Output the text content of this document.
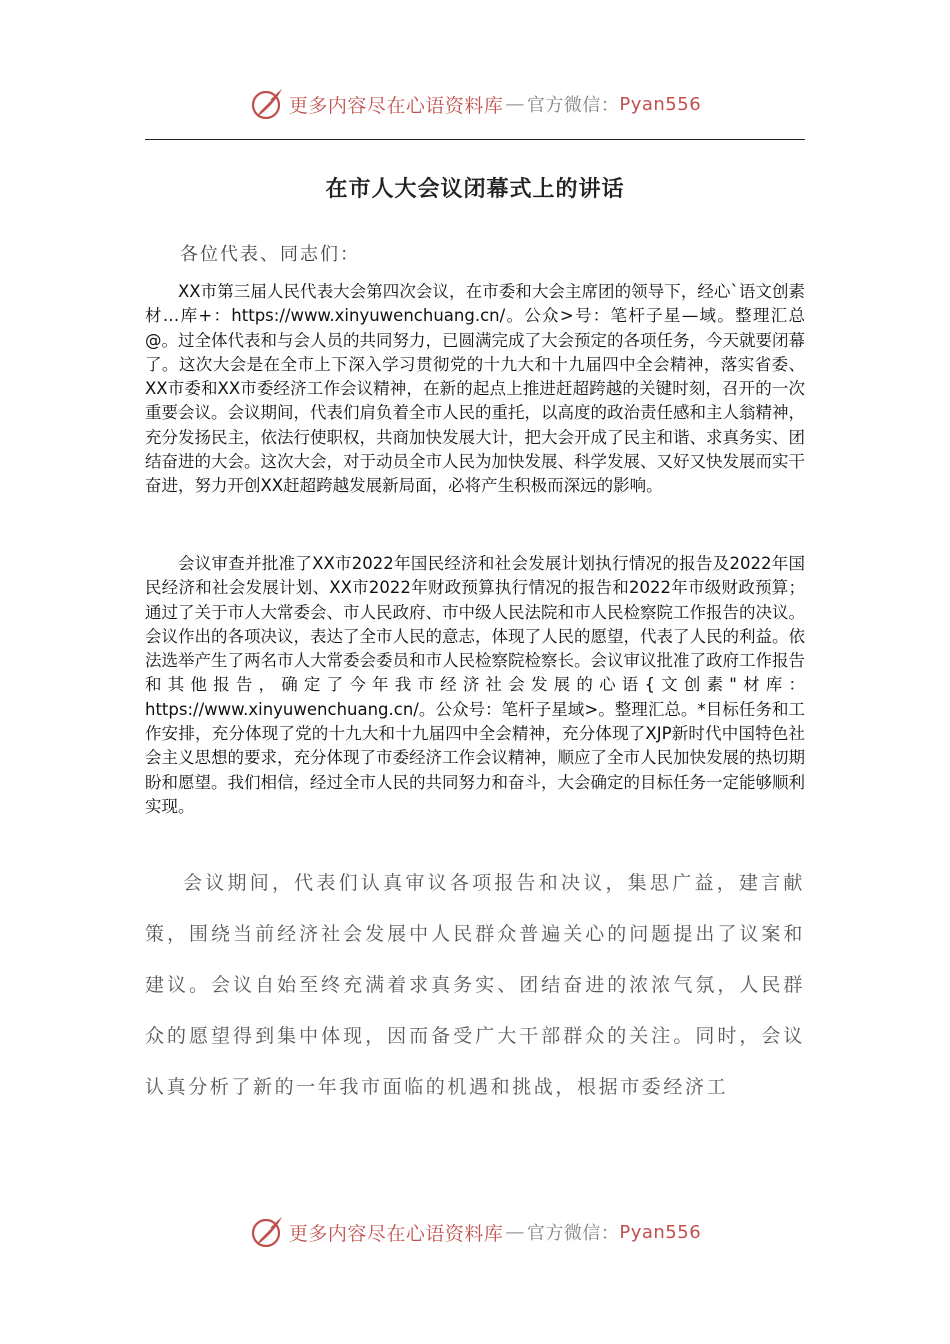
更多内容尽在心语资料库 — 官方微信： Pyan556
在市人大会议闭幕式上的讲话
各位代表、同志们：

XX市第三届人民代表大会第四次会议，在市委和大会主席团的领导下，经心`语文创素材…库+：https://www.xinyuwenchuang.cn/。公众>号：笔杆子星—域。整理汇总@。过全体代表和与会人员的共同努力，已圆满完成了大会预定的各项任务，今天就要闭幕了。这次大会是在全市上下深入学习贯彻党的十九大和十九届四中全会精神，落实省委、XX市委和XX市委经济工作会议精神，在新的起点上推进赶超跨越的关键时刻，召开的一次重要会议。会议期间，代表们肩负着全市人民的重托，以高度的政治责任感和主人翁精神，充分发扬民主，依法行使职权，共商加快发展大计，把大会开成了民主和谐、求真务实、团结奋进的大会。这次大会，对于动员全市人民为加快发展、科学发展、又好又快发展而实干奋进，努力开创XX赶超跨越发展新局面，必将产生积极而深远的影响。

会议审查并批准了XX市2022年国民经济和社会发展计划执行情况的报告及2022年国民经济和社会发展计划、XX市2022年财政预算执行情况的报告和2022年市级财政预算；通过了关于市人大常委会、市人民政府、市中级人民法院和市人民检察院工作报告的决议。会议作出的各项决议，表达了全市人民的意志，体现了人民的愿望，代表了人民的利益。依法选举产生了两名市人大常委会委员和市人民检察院检察长。会议审议批准了政府工作报告和其他报告，确定了今年我市经济社会发展的心语{文创素"材库：https://www.xinyuwenchuang.cn/。公众号：笔杆子星域>。整理汇总。*目标任务和工作安排，充分体现了党的十九大和十九届四中全会精神，充分体现了XJP新时代中国特色社会主义思想的要求，充分体现了市委经济工作会议精神，顺应了全市人民加快发展的热切期盼和愿望。我们相信，经过全市人民的共同努力和奋斗，大会确定的目标任务一定能够顺利实现。

会议期间，代表们认真审议各项报告和决议，集思广益，建言献策，围绕当前经济社会发展中人民群众普遍关心的问题提出了议案和建议。会议自始至终充满着求真务实、团结奋进的浓浓气氛，人民群众的愿望得到集中体现，因而备受广大干部群众的关注。同时，会议认真分析了新的一年我市面临的机遇和挑战，根据市委经济工
更多内容尽在心语资料库 — 官方微信： Pyan556
